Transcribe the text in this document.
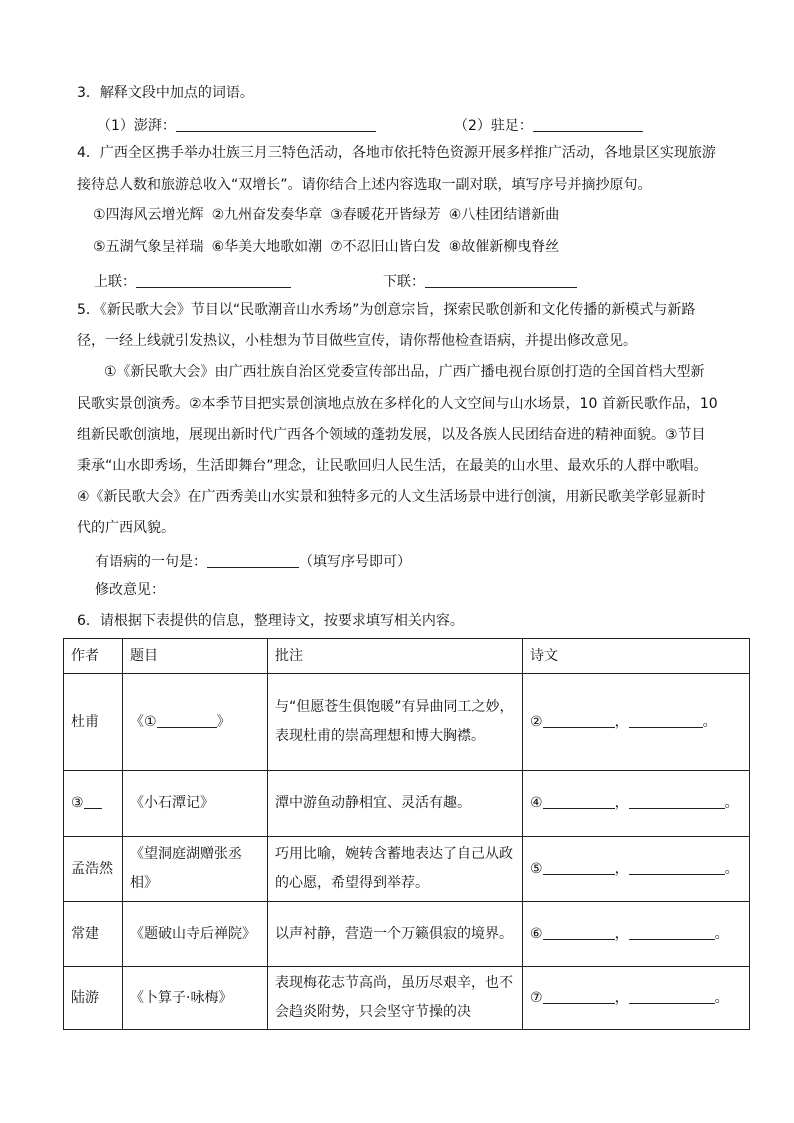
3．解释文段中加点的词语。
（1）澎湃：	（2）驻足：
4．广西全区携手举办壮族三月三特色活动，各地市依托特色资源开展多样推广活动，各地景区实现旅游
接待总人数和旅游总收入“双增长”。请你结合上述内容选取一副对联，填写序号并摘抄原句。
①四海风云增光辉 ②九州奋发奏华章 ③春暖花开皆绿芳 ④八桂团结谱新曲
⑤五湖气象呈祥瑞 ⑥华美大地歌如潮 ⑦不忍旧山皆白发 ⑧故催新柳曳脊丝
上联：	下联：
5．《新民歌大会》节目以“民歌潮音山水秀场”为创意宗旨，探索民歌创新和文化传播的新模式与新路
径，一经上线就引发热议，小桂想为节目做些宣传，请你帮他检查语病，并提出修改意见。
①《新民歌大会》由广西壮族自治区党委宣传部出品，广西广播电视台原创打造的全国首档大型新
民歌实景创演秀。②本季节目把实景创演地点放在多样化的人文空间与山水场景，10 首新民歌作品，10
组新民歌创演地，展现出新时代广西各个领域的蓬勃发展，以及各族人民团结奋进的精神面貌。③节目
秉承“山水即秀场，生活即舞台”理念，让民歌回归人民生活，在最美的山水里、最欢乐的人群中歌唱。
④《新民歌大会》在广西秀美山水实景和独特多元的人文生活场景中进行创演，用新民歌美学彰显新时
代的广西风貌。
有语病的一句是：	（填写序号即可）
修改意见：
6．请根据下表提供的信息，整理诗文，按要求填写相关内容。
作者	题目	批注	诗文
杜甫	《① 》	与“但愿苍生俱饱暖”有异曲同工之妙，表现杜甫的崇高理想和博大胸襟。	② ， 。
③	《小石潭记》	潭中游鱼动静相宜、灵活有趣。	④ ， 。
孟浩然	《望洞庭湖赠张丞相》	巧用比喻，婉转含蓄地表达了自己从政的心愿，希望得到举荐。	⑤ ， 。
常建	《题破山寺后禅院》	以声衬静，营造一个万籁俱寂的境界。	⑥ ， 。
陆游	《卜算子·咏梅》	表现梅花志节高尚，虽历尽艰辛，也不会趋炎附势，只会坚守节操的决	⑦ ， 。
